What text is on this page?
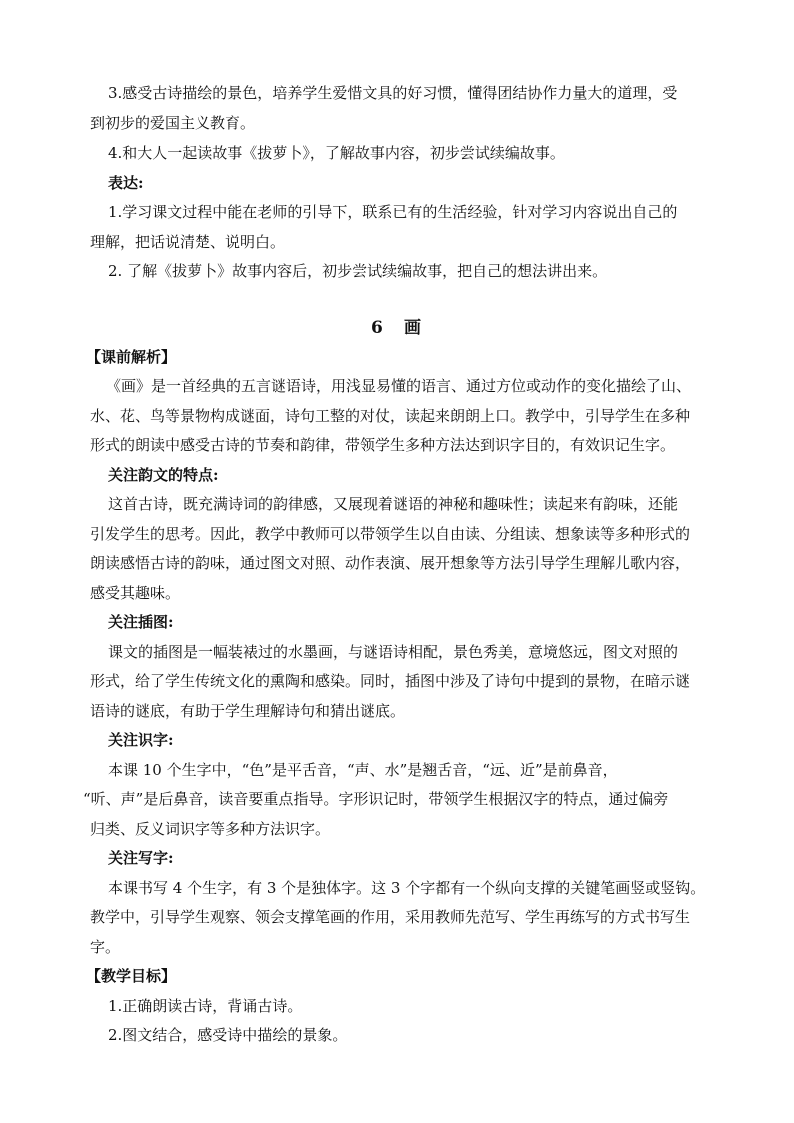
3.感受古诗描绘的景色，培养学生爱惜文具的好习惯，懂得团结协作力量大的道理，受
到初步的爱国主义教育。
4.和大人一起读故事《拔萝卜》，了解故事内容，初步尝试续编故事。
表达:
1.学习课文过程中能在老师的引导下，联系已有的生活经验，针对学习内容说出自己的
理解，把话说清楚、说明白。
2. 了解《拔萝卜》故事内容后，初步尝试续编故事，把自己的想法讲出来。
6 画
【课前解析】
《画》是一首经典的五言谜语诗，用浅显易懂的语言、通过方位或动作的变化描绘了山、
水、花、鸟等景物构成谜面，诗句工整的对仗，读起来朗朗上口。教学中，引导学生在多种
形式的朗读中感受古诗的节奏和韵律，带领学生多种方法达到识字目的，有效识记生字。
关注韵文的特点:
这首古诗，既充满诗词的韵律感，又展现着谜语的神秘和趣味性；读起来有韵味，还能
引发学生的思考。因此，教学中教师可以带领学生以自由读、分组读、想象读等多种形式的
朗读感悟古诗的韵味，通过图文对照、动作表演、展开想象等方法引导学生理解儿歌内容，
感受其趣味。
关注插图:
课文的插图是一幅装裱过的水墨画，与谜语诗相配，景色秀美，意境悠远，图文对照的
形式，给了学生传统文化的熏陶和感染。同时，插图中涉及了诗句中提到的景物，在暗示谜
语诗的谜底，有助于学生理解诗句和猜出谜底。
关注识字:
本课 10 个生字中，“色”是平舌音，“声、水”是翘舌音，“远、近”是前鼻音，
“听、声”是后鼻音，读音要重点指导。字形识记时，带领学生根据汉字的特点，通过偏旁
归类、反义词识字等多种方法识字。
关注写字:
本课书写 4 个生字，有 3 个是独体字。这 3 个字都有一个纵向支撑的关键笔画竖或竖钩。
教学中，引导学生观察、领会支撑笔画的作用，采用教师先范写、学生再练写的方式书写生
字。
【教学目标】
1.正确朗读古诗，背诵古诗。
2.图文结合，感受诗中描绘的景象。
